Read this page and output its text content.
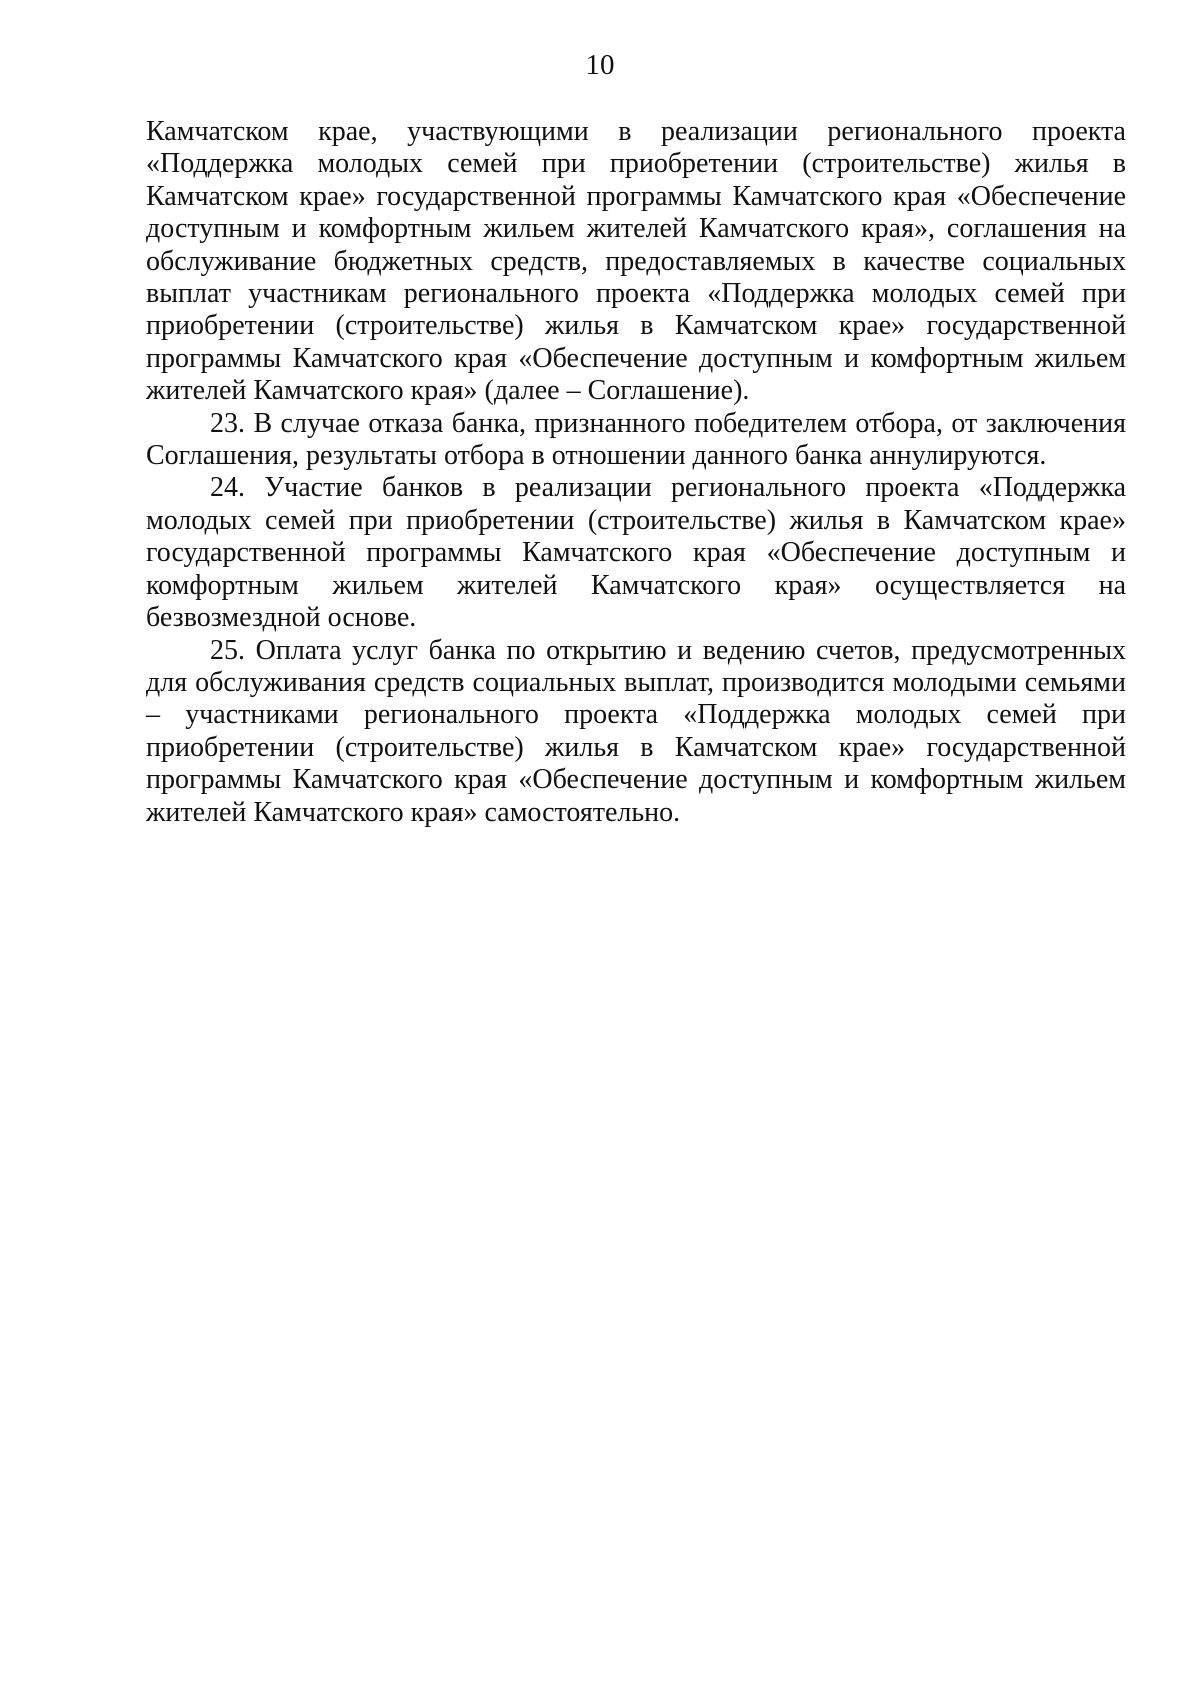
10

Камчатском крае, участвующими в реализации регионального проекта «Поддержка молодых семей при приобретении (строительстве) жилья в Камчатском крае» государственной программы Камчатского края «Обеспечение доступным и комфортным жильем жителей Камчатского края», соглашения на обслуживание бюджетных средств, предоставляемых в качестве социальных выплат участникам регионального проекта «Поддержка молодых семей при приобретении (строительстве) жилья в Камчатском крае» государственной программы Камчатского края «Обеспечение доступным и комфортным жильем жителей Камчатского края» (далее – Соглашение).

23. В случае отказа банка, признанного победителем отбора, от заключения Соглашения, результаты отбора в отношении данного банка аннулируются.

24. Участие банков в реализации регионального проекта «Поддержка молодых семей при приобретении (строительстве) жилья в Камчатском крае» государственной программы Камчатского края «Обеспечение доступным и комфортным жильем жителей Камчатского края» осуществляется на безвозмездной основе.

25. Оплата услуг банка по открытию и ведению счетов, предусмотренных для обслуживания средств социальных выплат, производится молодыми семьями – участниками регионального проекта «Поддержка молодых семей при приобретении (строительстве) жилья в Камчатском крае» государственной программы Камчатского края «Обеспечение доступным и комфортным жильем жителей Камчатского края» самостоятельно.
